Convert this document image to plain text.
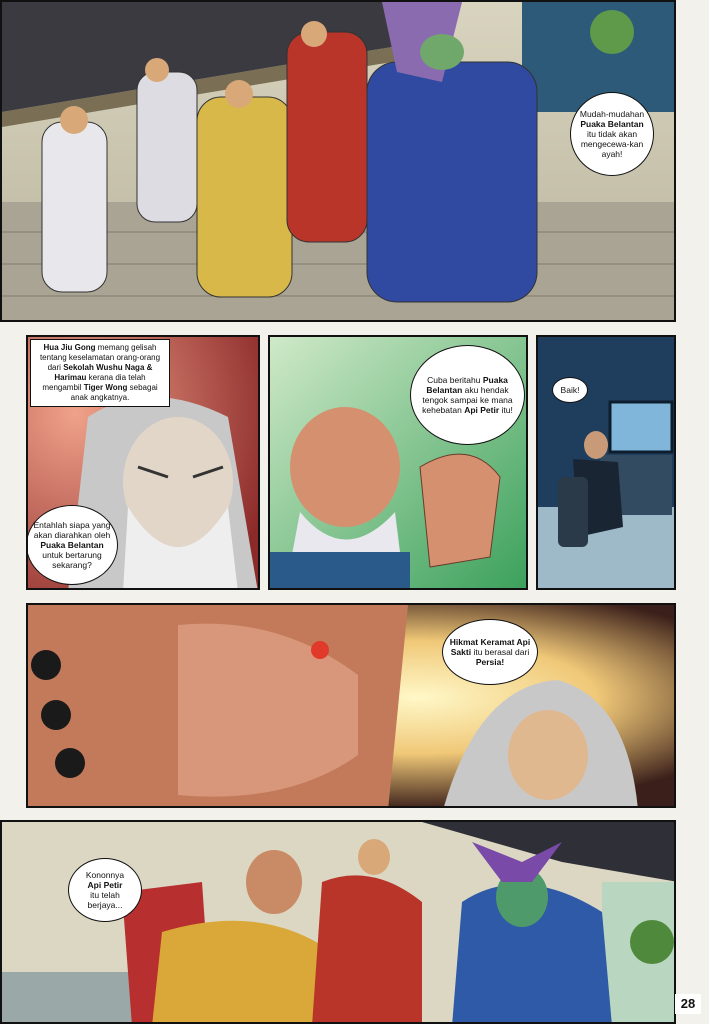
Mudah-mudahan
Puaka Belantan
itu tidak akan mengecewa-kan ayah!
Hua Jiu Gong memang gelisah tentang keselamatan orang-orang dari Sekolah Wushu Naga & Harimau kerana dia telah mengambil Tiger Wong sebagai anak angkatnya.
Entahlah siapa yang akan diarahkan oleh
Puaka Belantan
untuk bertarung sekarang?
Cuba beritahu Puaka Belantan aku hendak tengok sampai ke mana kehebatan Api Petir itu!
Baik!
Hikmat Keramat Api Sakti itu berasal dari Persia!
Kononnya
Api Petir
itu telah berjaya...
28
